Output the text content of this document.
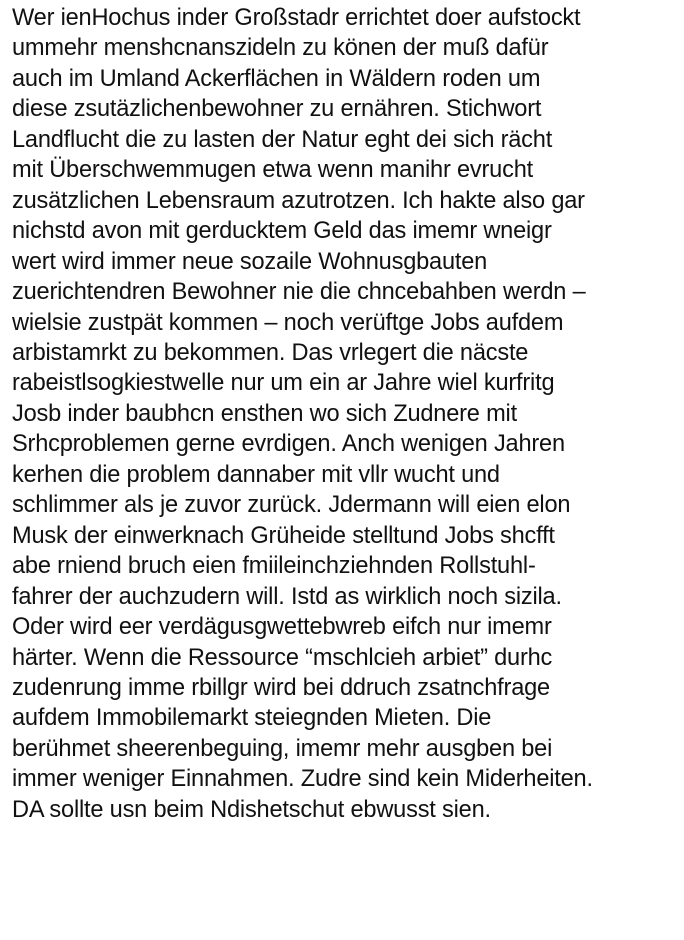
Wer ienHochus inder Großstadr errichtet doer aufstockt
ummehr menshcnanszideln zu könen der muß dafür
auch im Umland Ackerflächen in Wäldern roden um
diese zsutäzlichenbewohner zu ernähren. Stichwort
Landflucht die zu lasten der Natur eght dei sich rächt
mit Überschwemmugen etwa wenn manihr evrucht
zusätzlichen Lebensraum azutrotzen. Ich hakte also gar
nichstd avon mit gerducktem Geld das imemr wneigr
wert wird immer neue sozaile Wohnusgbauten
zuerichtendren Bewohner nie die chncebahben werdn –
wielsie zustpät kommen – noch verüftge Jobs aufdem
arbistamrkt zu bekommen. Das vrlegert die näcste
rabeistlsogkiestwelle nur um ein ar Jahre wiel kurfritg
Josb inder baubhcn ensthen wo sich Zudnere mit
Srhcproblemen gerne evrdigen. Anch wenigen Jahren
kerhen die problem dannaber mit vllr wucht und
schlimmer als je zuvor zurück. Jdermann will eien elon
Musk der einwerknach Grüheide stelltund Jobs shcfft
abe rniend bruch eien fmiileinchziehnden Rollstuhl-
fahrer der auchzudern will. Istd as wirklich noch sizila.
Oder wird eer verdägusgwettebwreb eifch nur imemr
härter. Wenn die Ressource “mschlcieh arbiet” durhc
zudenrung imme rbillgr wird bei ddruch zsatnchfrage
aufdem Immobilemarkt steiegnden Mieten. Die
berühmet sheerenbeguing, imemr mehr ausgben bei
immer weniger Einnahmen. Zudre sind kein Miderheiten.
DA sollte usn beim Ndishetschut ebwusst sien.
